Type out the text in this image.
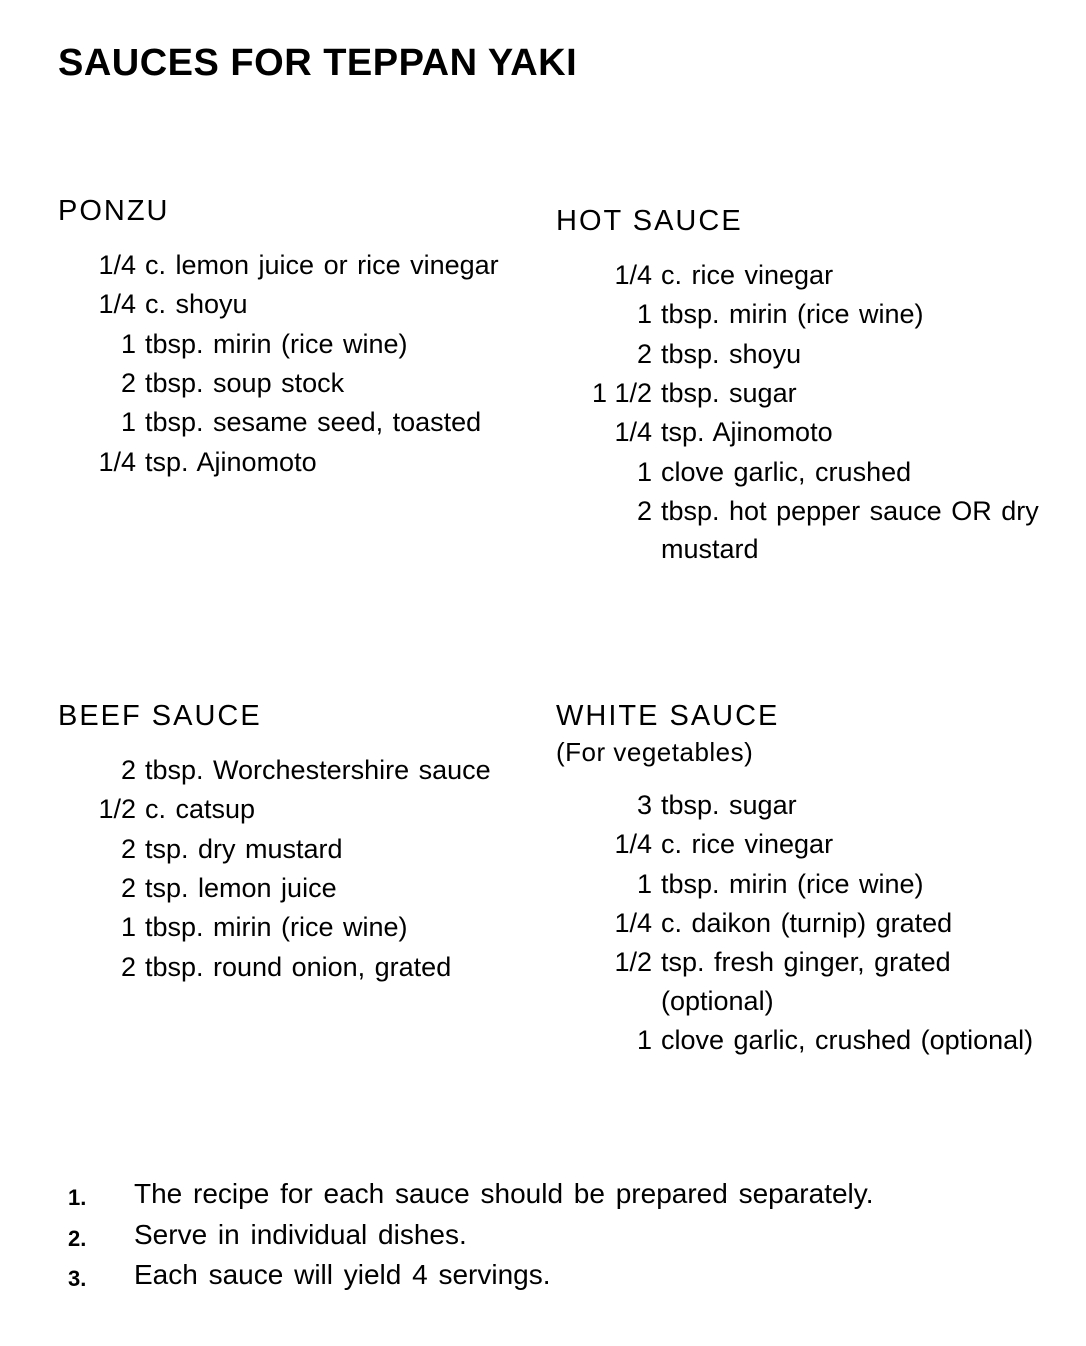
SAUCES FOR TEPPAN YAKI
PONZU
1/4 c. lemon juice or rice vinegar
1/4 c. shoyu
1 tbsp. mirin (rice wine)
2 tbsp. soup stock
1 tbsp. sesame seed, toasted
1/4 tsp. Ajinomoto
HOT SAUCE
1/4 c. rice vinegar
1 tbsp. mirin (rice wine)
2 tbsp. shoyu
1 1/2 tbsp. sugar
1/4 tsp. Ajinomoto
1 clove garlic, crushed
2 tbsp. hot pepper sauce OR dry mustard
BEEF SAUCE
2 tbsp. Worchestershire sauce
1/2 c. catsup
2 tsp. dry mustard
2 tsp. lemon juice
1 tbsp. mirin (rice wine)
2 tbsp. round onion, grated
WHITE SAUCE
(For vegetables)
3 tbsp. sugar
1/4 c. rice vinegar
1 tbsp. mirin (rice wine)
1/4 c. daikon (turnip) grated
1/2 tsp. fresh ginger, grated (optional)
1 clove garlic, crushed (optional)
1.	The recipe for each sauce should be prepared separately.
2.	Serve in individual dishes.
3.	Each sauce will yield 4 servings.
